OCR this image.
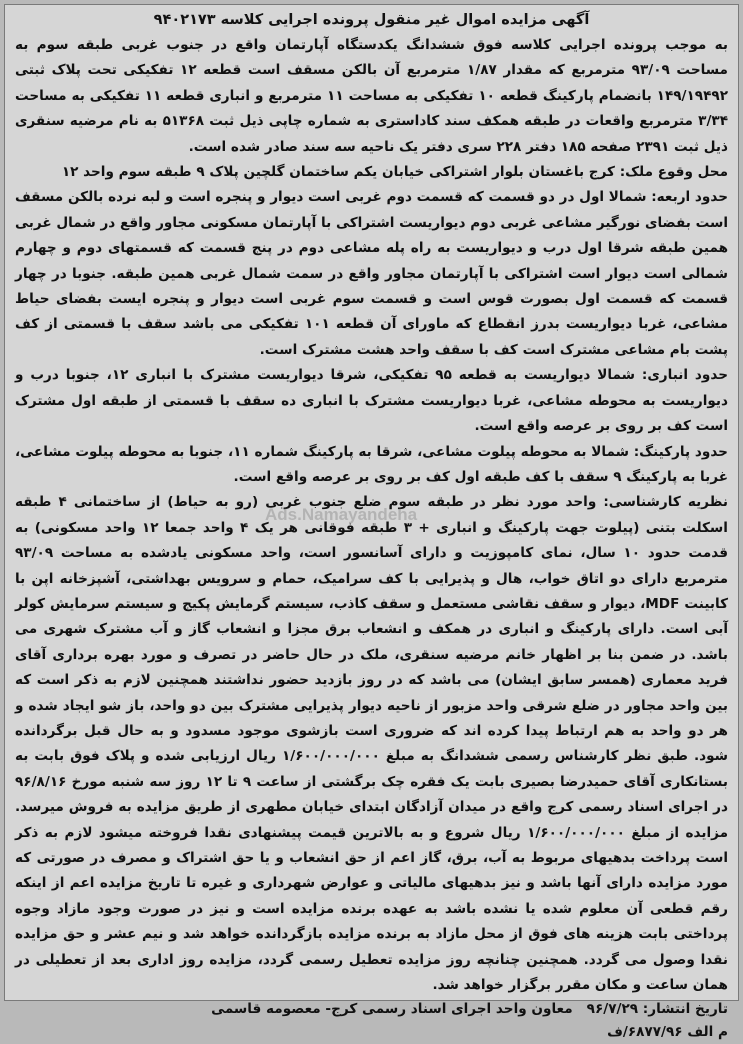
آگهی مزایده اموال غیر منقول پرونده اجرایی کلاسه ۹۴۰۲۱۷۳

به موجب پرونده اجرایی کلاسه فوق ششدانگ یکدستگاه آپارتمان واقع در جنوب غربی طبقه سوم به مساحت ۹۳/۰۹ مترمربع که مقدار ۱/۸۷ مترمربع آن بالکن مسقف است قطعه ۱۲ تفکیکی تحت پلاک ثبتی ۱۴۹/۱۹۴۹۲ بانضمام پارکینگ قطعه ۱۰ تفکیکی به مساحت ۱۱ مترمربع و انباری قطعه ۱۱ تفکیکی به مساحت ۳/۳۴ مترمربع واقعات در طبقه همکف سند کاداستری به شماره چاپی ذیل ثبت ۵۱۳۶۸ به نام مرضیه سنقری ذیل ثبت ۲۳۹۱ صفحه ۱۸۵ دفتر ۲۲۸ سری دفتر یک ناحیه سه سند صادر شده است.

محل وقوع ملک: کرج باغستان بلوار اشتراکی خیابان یکم ساختمان گلچین پلاک ۹ طبقه سوم واحد ۱۲

حدود اربعه: شمالا اول در دو قسمت که قسمت دوم غربی است دیوار و پنجره است و لبه نرده بالکن مسقف است بفضای نورگیر مشاعی غربی دوم دیواریست اشتراکی با آپارتمان مسکونی مجاور واقع در شمال غربی همین طبقه شرقا اول درب و دیواریست به راه پله مشاعی دوم در پنج قسمت که قسمتهای دوم و چهارم شمالی است دیوار است اشتراکی با آپارتمان مجاور واقع در سمت شمال غربی همین طبقه. جنوبا در چهار قسمت که قسمت اول بصورت قوس است و قسمت سوم غربی است دیوار و پنجره ایست بفضای حیاط مشاعی، غربا دیواریست بدرز انقطاع که ماورای آن قطعه ۱۰۱ تفکیکی می باشد سقف با قسمتی از کف پشت بام مشاعی مشترک است کف با سقف واحد هشت مشترک است.

حدود انباری: شمالا دیواریست به قطعه ۹۵ تفکیکی، شرقا دیواریست مشترک با انباری ۱۲، جنوبا درب و دیواریست به محوطه مشاعی، غربا دیواریست مشترک با انباری ده سقف با قسمتی از طبقه اول مشترک است کف بر روی بر عرصه واقع است.

حدود پارکینگ: شمالا به محوطه پیلوت مشاعی، شرقا به پارکینگ شماره ۱۱، جنوبا به محوطه پیلوت مشاعی، غربا به پارکینگ ۹ سقف با کف طبقه اول کف بر روی بر عرصه واقع است.

نظریه کارشناسی: واحد مورد نظر در طبقه سوم ضلع جنوب غربی (رو به حیاط) از ساختمانی ۴ طبقه اسکلت بتنی (پیلوت جهت پارکینگ و انباری + ۳ طبقه فوقانی هر یک ۴ واحد جمعا ۱۲ واحد مسکونی) به قدمت حدود ۱۰ سال، نمای کامپوزیت و دارای آسانسور است، واحد مسکونی یادشده به مساحت ۹۳/۰۹ مترمربع دارای دو اتاق خواب، هال و پذیرایی با کف سرامیک، حمام و سرویس بهداشتی، آشپزخانه اپن با کابینت MDF، دیوار و سقف نقاشی مستعمل و سقف کاذب، سیستم گرمایش پکیج و سیستم سرمایش کولر آبی است. دارای پارکینگ و انباری در همکف و انشعاب برق مجزا و انشعاب گاز و آب مشترک شهری می باشد. در ضمن بنا بر اظهار خانم مرضیه سنقری، ملک در حال حاضر در تصرف و مورد بهره برداری آقای فرید معماری (همسر سابق ایشان) می باشد که در روز بازدید حضور نداشتند همچنین لازم به ذکر است که بین واحد مجاور در ضلع شرقی واحد مزبور از ناحیه دیوار پذیرایی مشترک بین دو واحد، باز شو ایجاد شده و هر دو واحد به هم ارتباط پیدا کرده اند که ضروری است بازشوی موجود مسدود و به حال قبل برگردانده شود. طبق نظر کارشناس رسمی ششدانگ به مبلغ ۱/۶۰۰/۰۰۰/۰۰۰ ریال ارزیابی شده و پلاک فوق بابت به بستانکاری آقای حمیدرضا بصیری بابت یک فقره چک برگشتی از ساعت ۹ تا ۱۲ روز سه شنبه مورخ ۹۶/۸/۱۶ در اجرای اسناد رسمی کرج واقع در میدان آزادگان ابتدای خیابان مطهری از طریق مزایده به فروش میرسد. مزایده از مبلغ ۱/۶۰۰/۰۰۰/۰۰۰ ریال شروع و به بالاترین قیمت پیشنهادی نقدا فروخته میشود لازم به ذکر است پرداخت بدهیهای مربوط به آب، برق، گاز اعم از حق انشعاب و یا حق اشتراک و مصرف در صورتی که مورد مزایده دارای آنها باشد و نیز بدهیهای مالیاتی و عوارض شهرداری و غیره تا تاریخ مزایده اعم از اینکه رقم قطعی آن معلوم شده یا نشده باشد به عهده برنده مزایده است و نیز در صورت وجود مازاد وجوه پرداختی بابت هزینه های فوق از محل مازاد به برنده مزایده بازگردانده خواهد شد و نیم عشر و حق مزایده نقدا وصول می گردد. همچنین چنانچه روز مزایده تعطیل رسمی گردد، مزایده روز اداری بعد از تعطیلی در همان ساعت و مکان مقرر برگزار خواهد شد.

تاریخ انتشار: ۹۶/۷/۲۹معاون واحد اجرای اسناد رسمی کرج- معصومه قاسمی

م الف ۶۸۷۷/۹۶/ف

Ads.Namayandeha
